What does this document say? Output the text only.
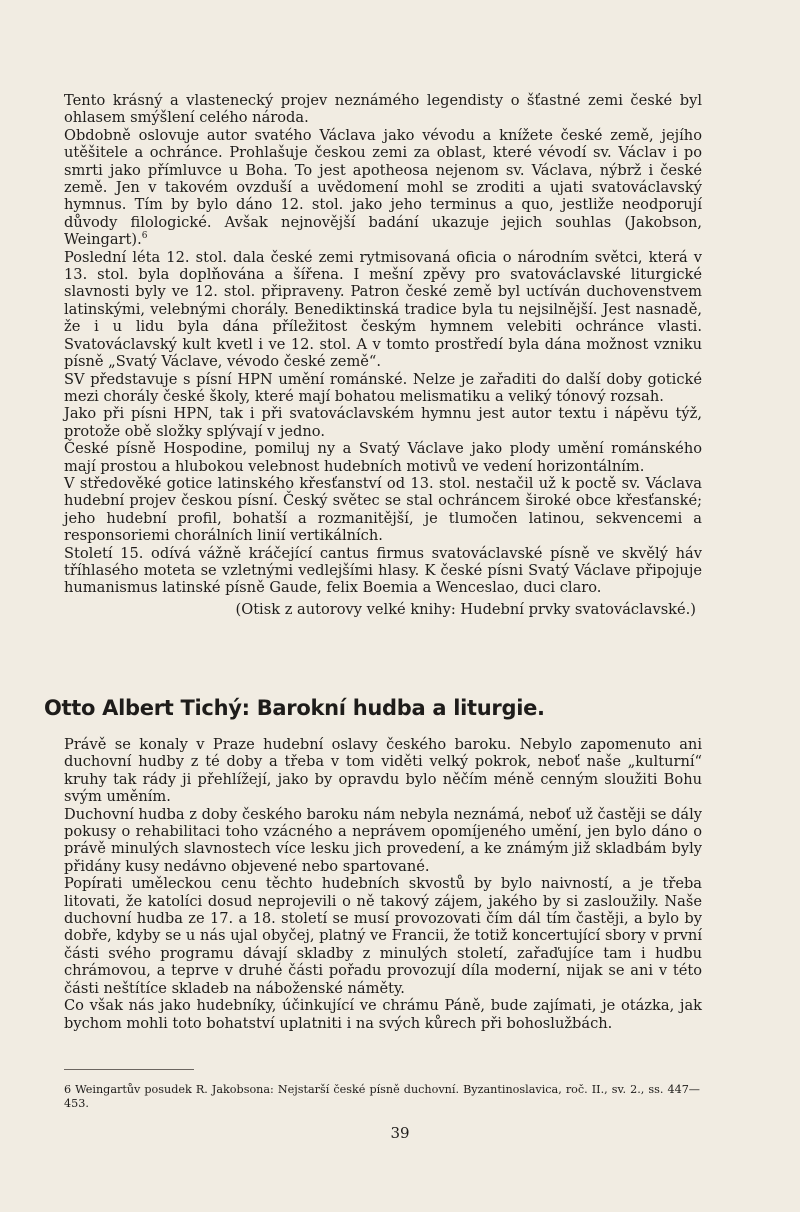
Tento krásný a vlastenecký projev neznámého legendisty o šťastné zemi české byl ohlasem smýšlení celého národa.

Obdobně oslovuje autor svatého Václava jako vévodu a knížete české země, jejího utěšitele a ochránce. Prohlašuje českou zemi za oblast, které vévodí sv. Václav i po smrti jako přímluvce u Boha. To jest apotheosa nejenom sv. Václava, nýbrž i české země. Jen v takovém ovzduší a uvědomení mohl se zroditi a ujati svatováclavský hymnus. Tím by bylo dáno 12. stol. jako jeho terminus a quo, jestliže neodporují důvody filologické. Avšak nejnovější badání ukazuje jejich souhlas (Jakobson, Weingart).$^6$

Poslední léta 12. stol. dala české zemi rytmisovaná oficia o národním světci, která v 13. stol. byla doplňována a šířena. I mešní zpěvy pro svatováclavské liturgické slavnosti byly ve 12. stol. připraveny. Patron české země byl uctíván duchovenstvem latinskými, velebnými chorály. Benediktinská tradice byla tu nejsilnější. Jest nasnadě, že i u lidu byla dána příležitost českým hymnem velebiti ochránce vlasti. Svatováclavský kult kvetl i ve 12. stol. A v tomto prostředí byla dána možnost vzniku písně „Svatý Václave, vévodo české země“.

SV představuje s písní HPN umění románské. Nelze je zařaditi do další doby gotické mezi chorály české školy, které mají bohatou melismatiku a veliký tónový rozsah.

Jako při písni HPN, tak i při svatováclavském hymnu jest autor textu i nápěvu týž, protože obě složky splývají v jedno.

České písně Hospodine, pomiluj ny a Svatý Václave jako plody umění románského mají prostou a hlubokou velebnost hudebních motivů ve vedení horizontálním.

V středověké gotice latinského křesťanství od 13. stol. nestačil už k poctě sv. Václava hudební projev českou písní. Český světec se stal ochráncem široké obce křesťanské; jeho hudební profil, bohatší a rozmanitější, je tlumočen latinou, sekvencemi a responsoriemi chorálních linií vertikálních.

Století 15. odívá vážně kráčející cantus firmus svatováclavské písně ve skvělý háv tříhlasého moteta se vzletnými vedlejšími hlasy. K české písni Svatý Václave připojuje humanismus latinské písně Gaude, felix Boemia a Wenceslao, duci claro.

(Otisk z autorovy velké knihy: Hudební prvky svatováclavské.)

Otto Albert Tichý: Barokní hudba a liturgie.

Právě se konaly v Praze hudební oslavy českého baroku. Nebylo zapomenuto ani duchovní hudby z té doby a třeba v tom viděti velký pokrok, neboť naše „kulturní“ kruhy tak rády ji přehlížejí, jako by opravdu bylo něčím méně cenným sloužiti Bohu svým uměním.

Duchovní hudba z doby českého baroku nám nebyla neznámá, neboť už častěji se dály pokusy o rehabilitaci toho vzácného a neprávem opomíjeného umění, jen bylo dáno o právě minulých slavnostech více lesku jich provedení, a ke známým již skladbám byly přidány kusy nedávno objevené nebo spartované.

Popírati uměleckou cenu těchto hudebních skvostů by bylo naivností, a je třeba litovati, že katolíci dosud neprojevili o ně takový zájem, jakého by si zasloužily. Naše duchovní hudba ze 17. a 18. století se musí provozovati čím dál tím častěji, a bylo by dobře, kdyby se u nás ujal obyčej, platný ve Francii, že totiž koncertující sbory v první části svého programu dávají skladby z minulých století, zařaďujíce tam i hudbu chrámovou, a teprve v druhé části pořadu provozují díla moderní, nijak se ani v této části neštítíce skladeb na náboženské náměty.

Co však nás jako hudebníky, účinkující ve chrámu Páně, bude zajímati, je otázka, jak bychom mohli toto bohatství uplatniti i na svých kůrech při bohoslužbách.

6 Weingartův posudek R. Jakobsona: Nejstarší české písně duchovní. Byzantinoslavica, roč. II., sv. 2., ss. 447—453.
39
